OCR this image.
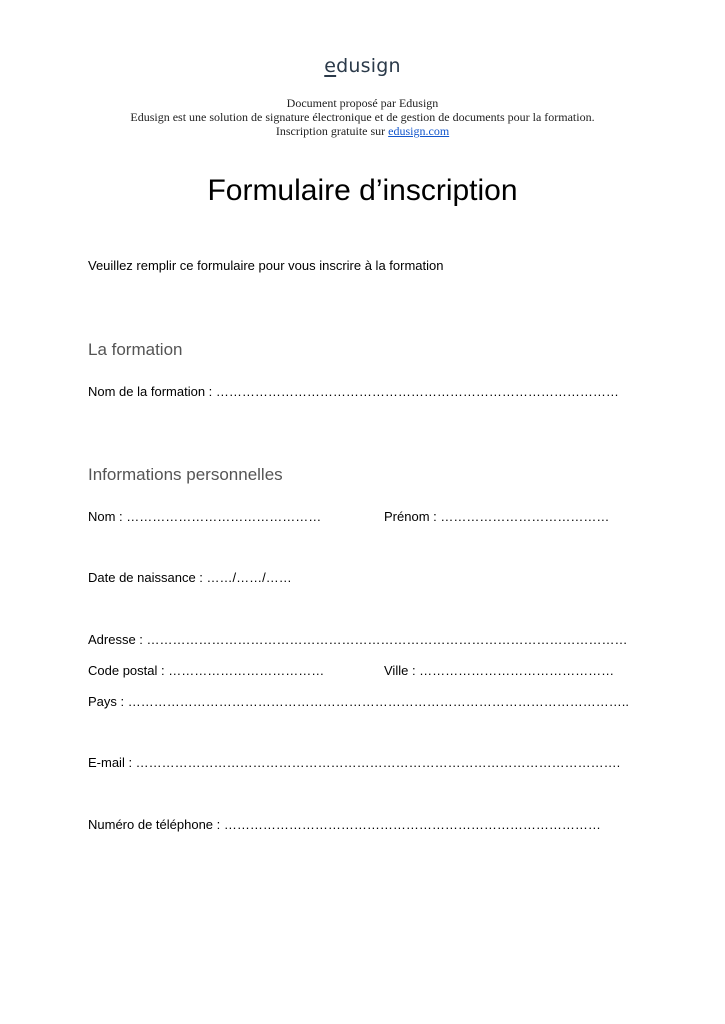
edusign
Document proposé par Edusign
Edusign est une solution de signature électronique et de gestion de documents pour la formation.
Inscription gratuite sur edusign.com
Formulaire d’inscription
Veuillez remplir ce formulaire pour vous inscrire à la formation
La formation
Nom de la formation : …………………………………………………………………………………
Informations personnelles
Nom : ………………………………………	Prénom : …………………………………
Date de naissance : ……/……/……
Adresse : …………………………………………………………………………………………………
Code postal : ………………………………	Ville : ………………………………………
Pays : ……………………………………………………………………………………………………..
E-mail : ………………………………………………………………………………………………….
Numéro de téléphone : ……………………………………………………………………………
